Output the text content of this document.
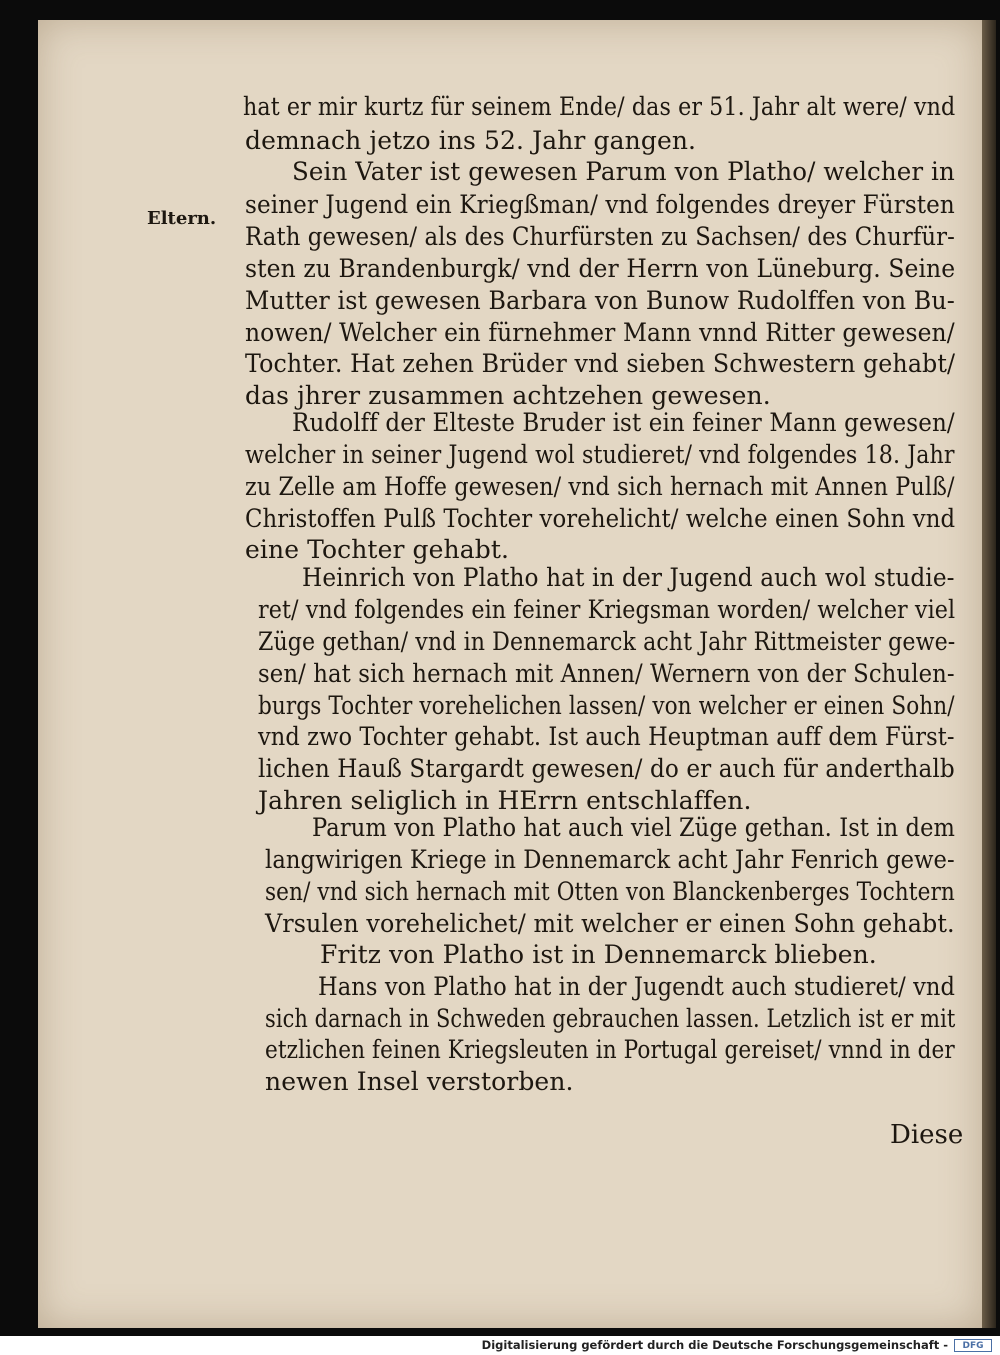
Eltern.
hat er mir kurtz für seinem Ende/ das er 51. Jahr alt were/ vnd
demnach jetzo ins 52. Jahr gangen.
Sein Vater ist gewesen Parum von Platho/ welcher in
seiner Jugend ein Kriegßman/ vnd folgendes dreyer Fürsten
Rath gewesen/ als des Churfürsten zu Sachsen/ des Churfür-
sten zu Brandenburgk/ vnd der Herrn von Lüneburg. Seine
Mutter ist gewesen Barbara von Bunow Rudolffen von Bu-
nowen/ Welcher ein fürnehmer Mann vnnd Ritter gewesen/
Tochter. Hat zehen Brüder vnd sieben Schwestern gehabt/
das jhrer zusammen achtzehen gewesen.
Rudolff der Elteste Bruder ist ein feiner Mann gewesen/
welcher in seiner Jugend wol studieret/ vnd folgendes 18. Jahr
zu Zelle am Hoffe gewesen/ vnd sich hernach mit Annen Pulß/
Christoffen Pulß Tochter vorehelicht/ welche einen Sohn vnd
eine Tochter gehabt.
Heinrich von Platho hat in der Jugend auch wol studie-
ret/ vnd folgendes ein feiner Kriegsman worden/ welcher viel
Züge gethan/ vnd in Dennemarck acht Jahr Rittmeister gewe-
sen/ hat sich hernach mit Annen/ Wernern von der Schulen-
burgs Tochter vorehelichen lassen/ von welcher er einen Sohn/
vnd zwo Tochter gehabt. Ist auch Heuptman auff dem Fürst-
lichen Hauß Stargardt gewesen/ do er auch für anderthalb
Jahren seliglich in HErrn entschlaffen.
Parum von Platho hat auch viel Züge gethan. Ist in dem
langwirigen Kriege in Dennemarck acht Jahr Fenrich gewe-
sen/ vnd sich hernach mit Otten von Blanckenberges Tochtern
Vrsulen vorehelichet/ mit welcher er einen Sohn gehabt.
Fritz von Platho ist in Dennemarck blieben.
Hans von Platho hat in der Jugendt auch studieret/ vnd
sich darnach in Schweden gebrauchen lassen. Letzlich ist er mit
etzlichen feinen Kriegsleuten in Portugal gereiset/ vnnd in der
newen Insel verstorben.
Diese
Digitalisierung gefördert durch die Deutsche Forschungsgemeinschaft - DFG
